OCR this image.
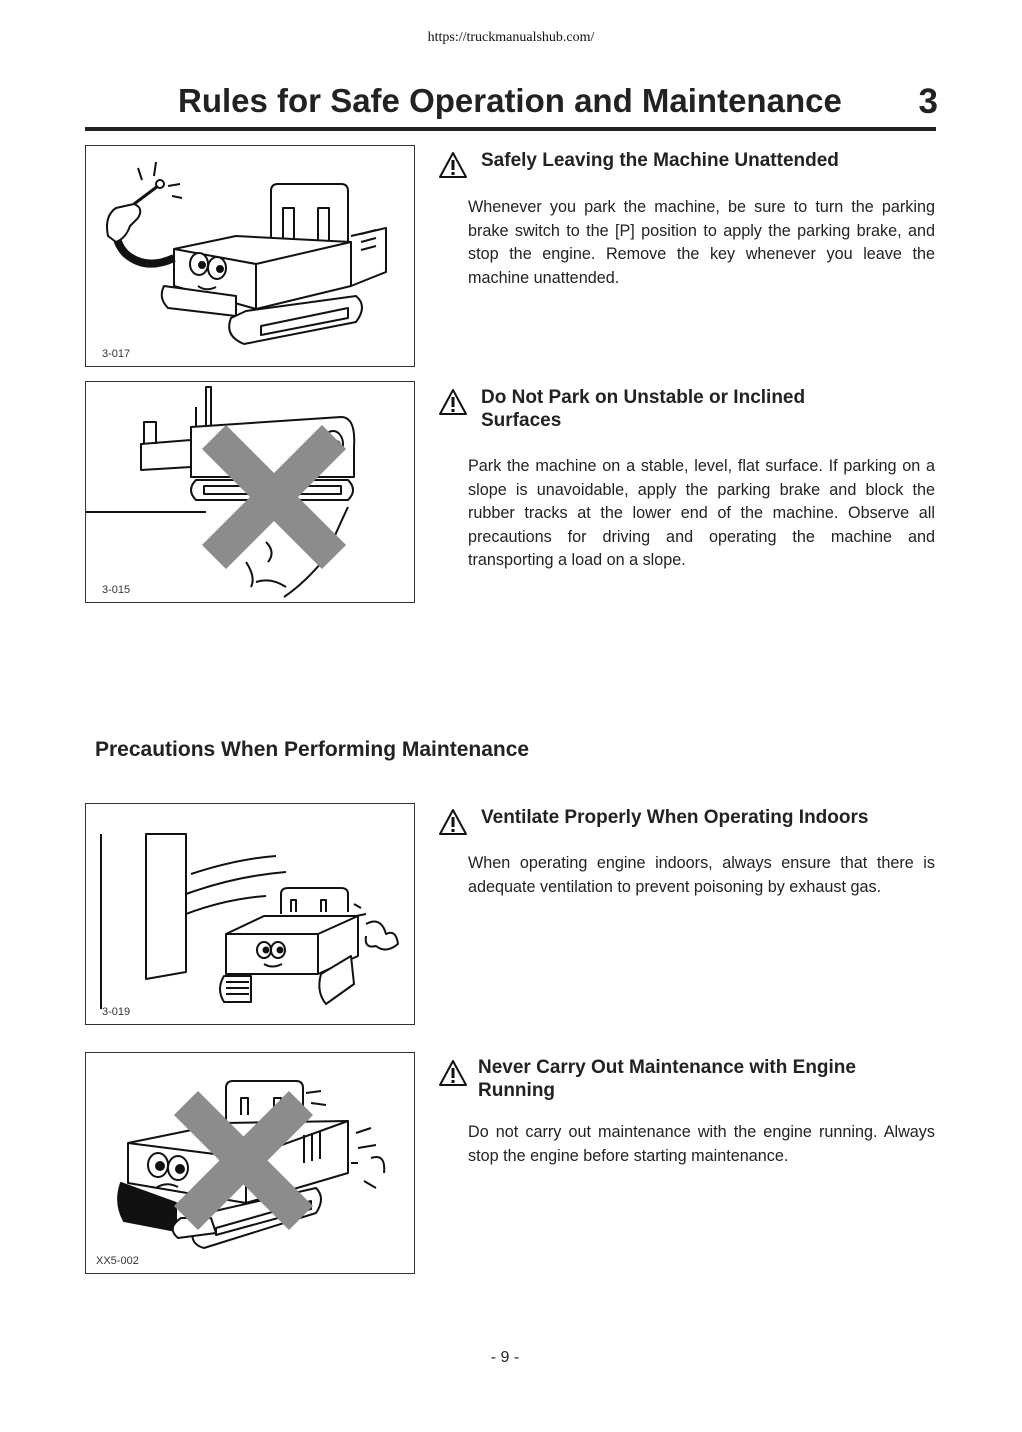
https://truckmanualshub.com/
Rules for Safe Operation and Maintenance	3
3-017
Safely Leaving the Machine Unattended
Whenever you park the machine, be sure to turn the parking brake switch to the [P] position to apply the parking brake, and stop the engine. Remove the key whenever you leave the machine unattended.
3-015
Do Not Park on Unstable or Inclined Surfaces
Park the machine on a stable, level, flat surface. If parking on a slope is unavoidable, apply the parking brake and block the rubber tracks at the lower end of the machine. Observe all precautions for driving and operating the machine and transporting a load on a slope.
Precautions When Performing Maintenance
3-019
Ventilate Properly When Operating Indoors
When operating engine indoors, always ensure that there is adequate ventilation to prevent poisoning by exhaust gas.
XX5-002
Never Carry Out Maintenance with Engine Running
Do not carry out maintenance with the engine running. Always stop the engine before starting maintenance.
- 9 -
